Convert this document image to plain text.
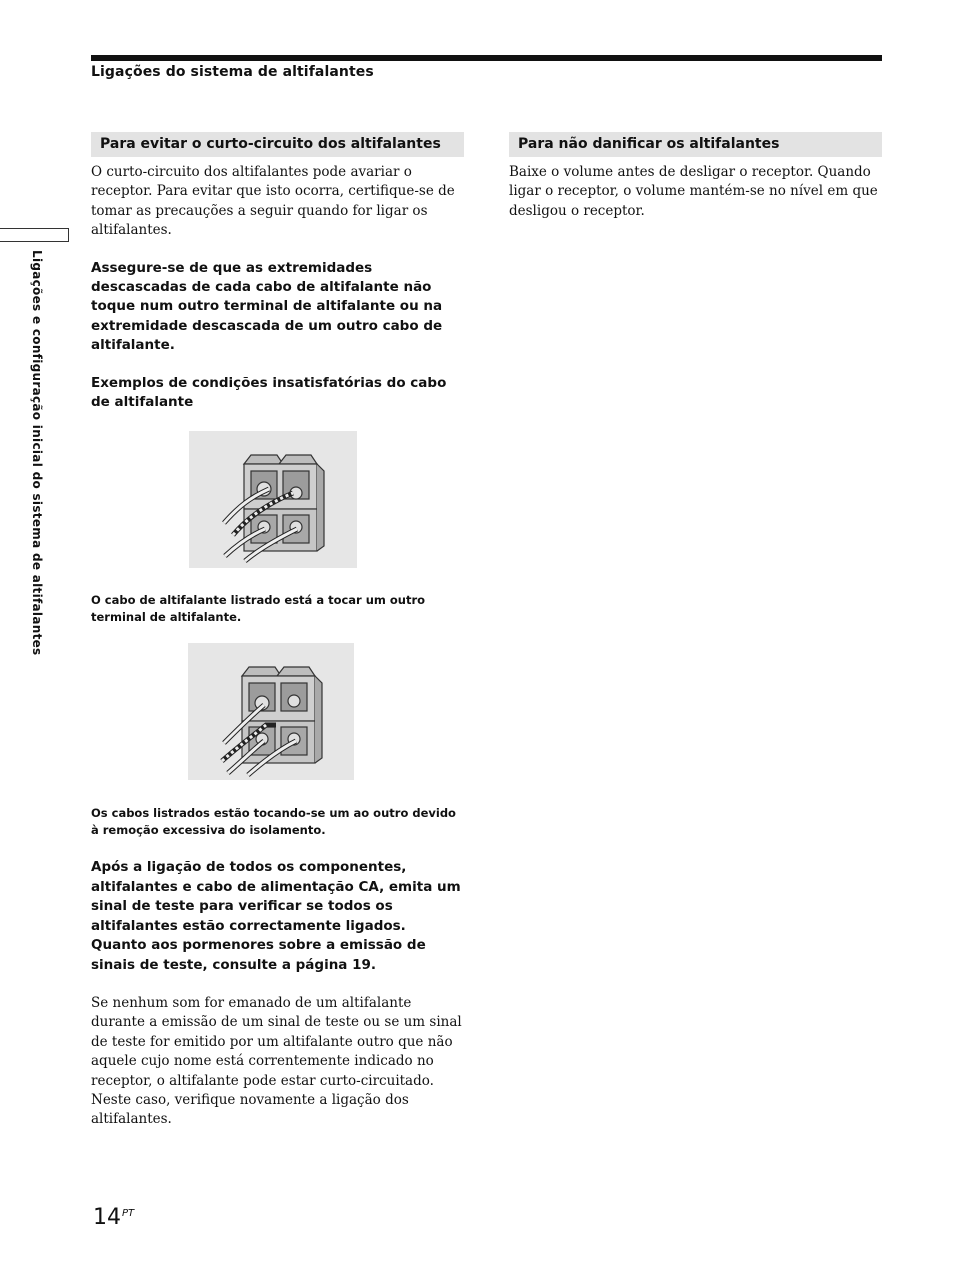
Ligações do sistema de altifalantes
Ligações e configuração inicial do sistema de altifalantes
Para evitar o curto-circuito dos altifalantes

O curto-circuito dos altifalantes pode avariar o receptor. Para evitar que isto ocorra, certifique-se de tomar as precauções a seguir quando for ligar os altifalantes.

Assegure-se de que as extremidades descascadas de cada cabo de altifalante não toque num outro terminal de altifalante ou na extremidade descascada de um outro cabo de altifalante.

Exemplos de condições insatisfatórias do cabo de altifalante

O cabo de altifalante listrado está a tocar um outro terminal de altifalante.

Os cabos listrados estão tocando-se um ao outro devido à remoção excessiva do isolamento.

Após a ligação de todos os componentes, altifalantes e cabo de alimentação CA, emita um sinal de teste para verificar se todos os altifalantes estão correctamente ligados. Quanto aos pormenores sobre a emissão de sinais de teste, consulte a página 19.

Se nenhum som for emanado de um altifalante durante a emissão de um sinal de teste ou se um sinal de teste for emitido por um altifalante outro que não aquele cujo nome está correntemente indicado no receptor, o altifalante pode estar curto-circuitado. Neste caso, verifique novamente a ligação dos altifalantes.

Para não danificar os altifalantes

Baixe o volume antes de desligar o receptor. Quando ligar o receptor, o volume mantém-se no nível em que desligou o receptor.

$14^{PT}$
